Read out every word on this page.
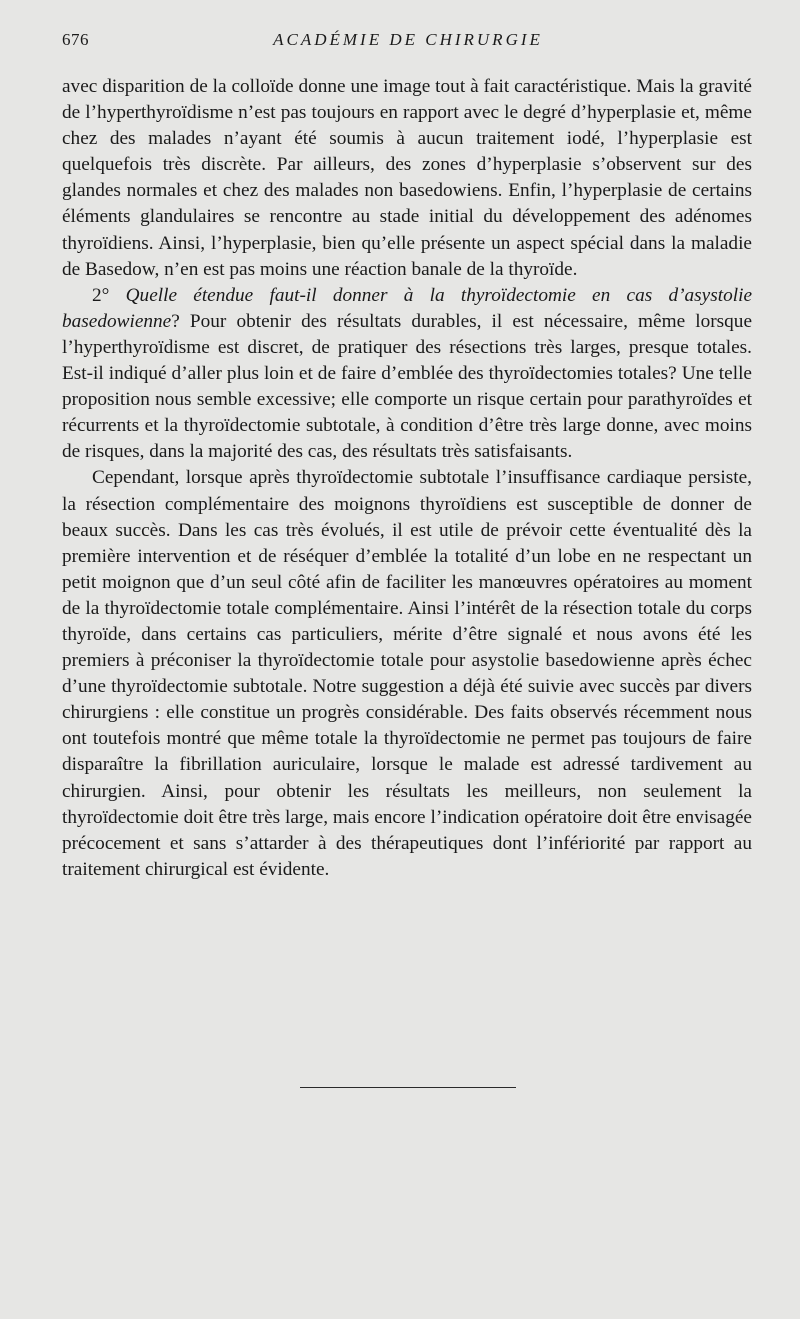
676	ACADÉMIE DE CHIRURGIE

avec disparition de la colloïde donne une image tout à fait caractéristique. Mais la gravité de l’hyperthyroïdisme n’est pas toujours en rapport avec le degré d’hyperplasie et, même chez des malades n’ayant été soumis à aucun traitement iodé, l’hyperplasie est quelquefois très discrète. Par ailleurs, des zones d’hyperplasie s’observent sur des glandes normales et chez des malades non basedowiens. Enfin, l’hyperplasie de certains éléments glandulaires se rencontre au stade initial du développement des adénomes thyroïdiens. Ainsi, l’hyperplasie, bien qu’elle présente un aspect spécial dans la maladie de Basedow, n’en est pas moins une réaction banale de la thyroïde.

2° Quelle étendue faut-il donner à la thyroïdectomie en cas d’asystolie basedowienne? Pour obtenir des résultats durables, il est nécessaire, même lorsque l’hyperthyroïdisme est discret, de pratiquer des résections très larges, presque totales. Est-il indiqué d’aller plus loin et de faire d’emblée des thyroïdectomies totales? Une telle proposition nous semble excessive; elle comporte un risque certain pour parathyroïdes et récurrents et la thyroïdectomie subtotale, à condition d’être très large donne, avec moins de risques, dans la majorité des cas, des résultats très satisfaisants.

Cependant, lorsque après thyroïdectomie subtotale l’insuffisance cardiaque persiste, la résection complémentaire des moignons thyroïdiens est susceptible de donner de beaux succès. Dans les cas très évolués, il est utile de prévoir cette éventualité dès la première intervention et de réséquer d’emblée la totalité d’un lobe en ne respectant un petit moignon que d’un seul côté afin de faciliter les manœuvres opératoires au moment de la thyroïdectomie totale complémentaire. Ainsi l’intérêt de la résection totale du corps thyroïde, dans certains cas particuliers, mérite d’être signalé et nous avons été les premiers à préconiser la thyroïdectomie totale pour asystolie basedowienne après échec d’une thyroïdectomie subtotale. Notre suggestion a déjà été suivie avec succès par divers chirurgiens : elle constitue un progrès considérable. Des faits observés récemment nous ont toutefois montré que même totale la thyroïdectomie ne permet pas toujours de faire disparaître la fibrillation auriculaire, lorsque le malade est adressé tardivement au chirurgien. Ainsi, pour obtenir les résultats les meilleurs, non seulement la thyroïdectomie doit être très large, mais encore l’indication opératoire doit être envisagée précocement et sans s’attarder à des thérapeutiques dont l’infériorité par rapport au traitement chirurgical est évidente.
